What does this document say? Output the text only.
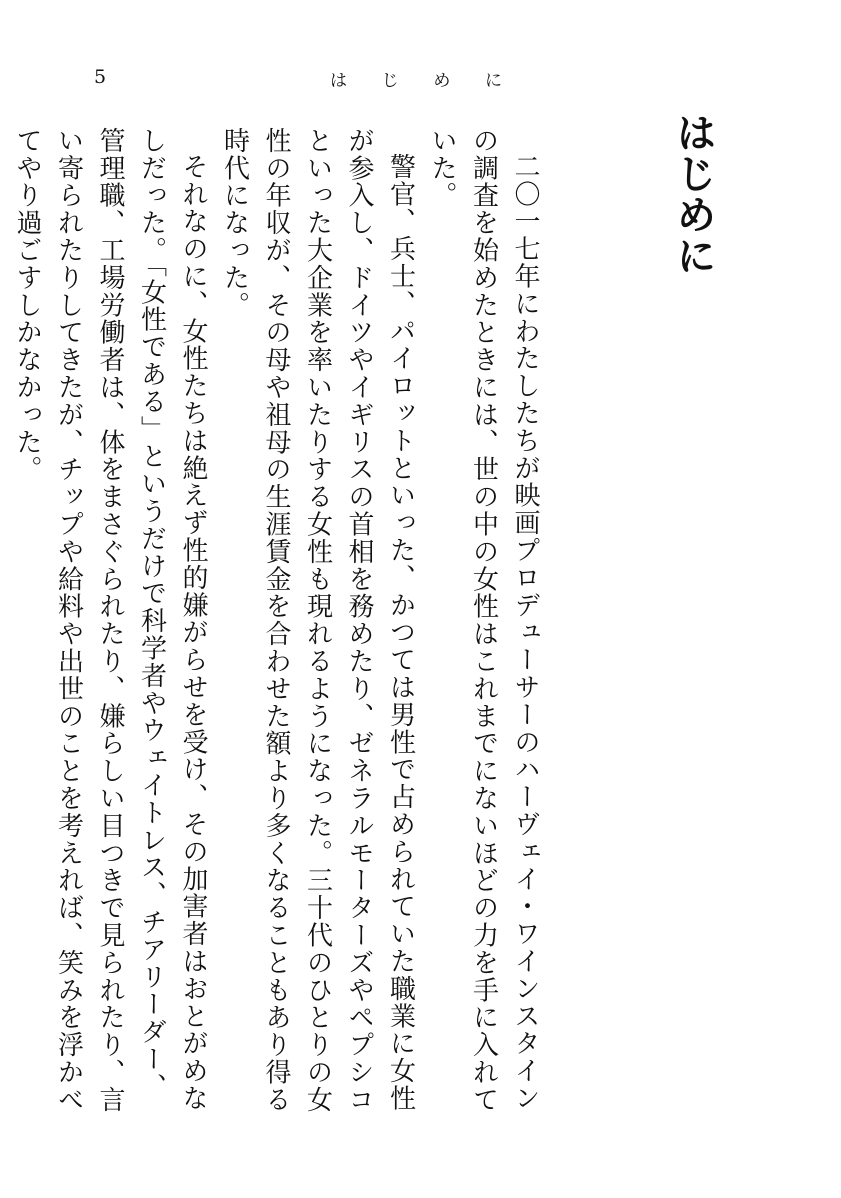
5	は じ め に
はじめに

二〇一七年にわたしたちが映画プロデューサーのハーヴェイ・ワインスタインの調査を始めたときには、世の中の女性はこれまでにないほどの力を手に入れていた。

警官、兵士、パイロットといった、かつては男性で占められていた職業に女性が参入し、ドイツやイギリスの首相を務めたり、ゼネラルモーターズやペプシコといった大企業を率いたりする女性も現れるようになった。三十代のひとりの女性の年収が、その母や祖母の生涯賃金を合わせた額より多くなることもあり得る時代になった。

それなのに、女性たちは絶えず性的嫌がらせを受け、その加害者はおとがめなしだった。「女性である」というだけで科学者やウェイトレス、チアリーダー、管理職、工場労働者は、体をまさぐられたり、嫌らしい目つきで見られたり、言い寄られたりしてきたが、チップや給料や出世のことを考えれば、笑みを浮かべてやり過ごすしかなかった。
